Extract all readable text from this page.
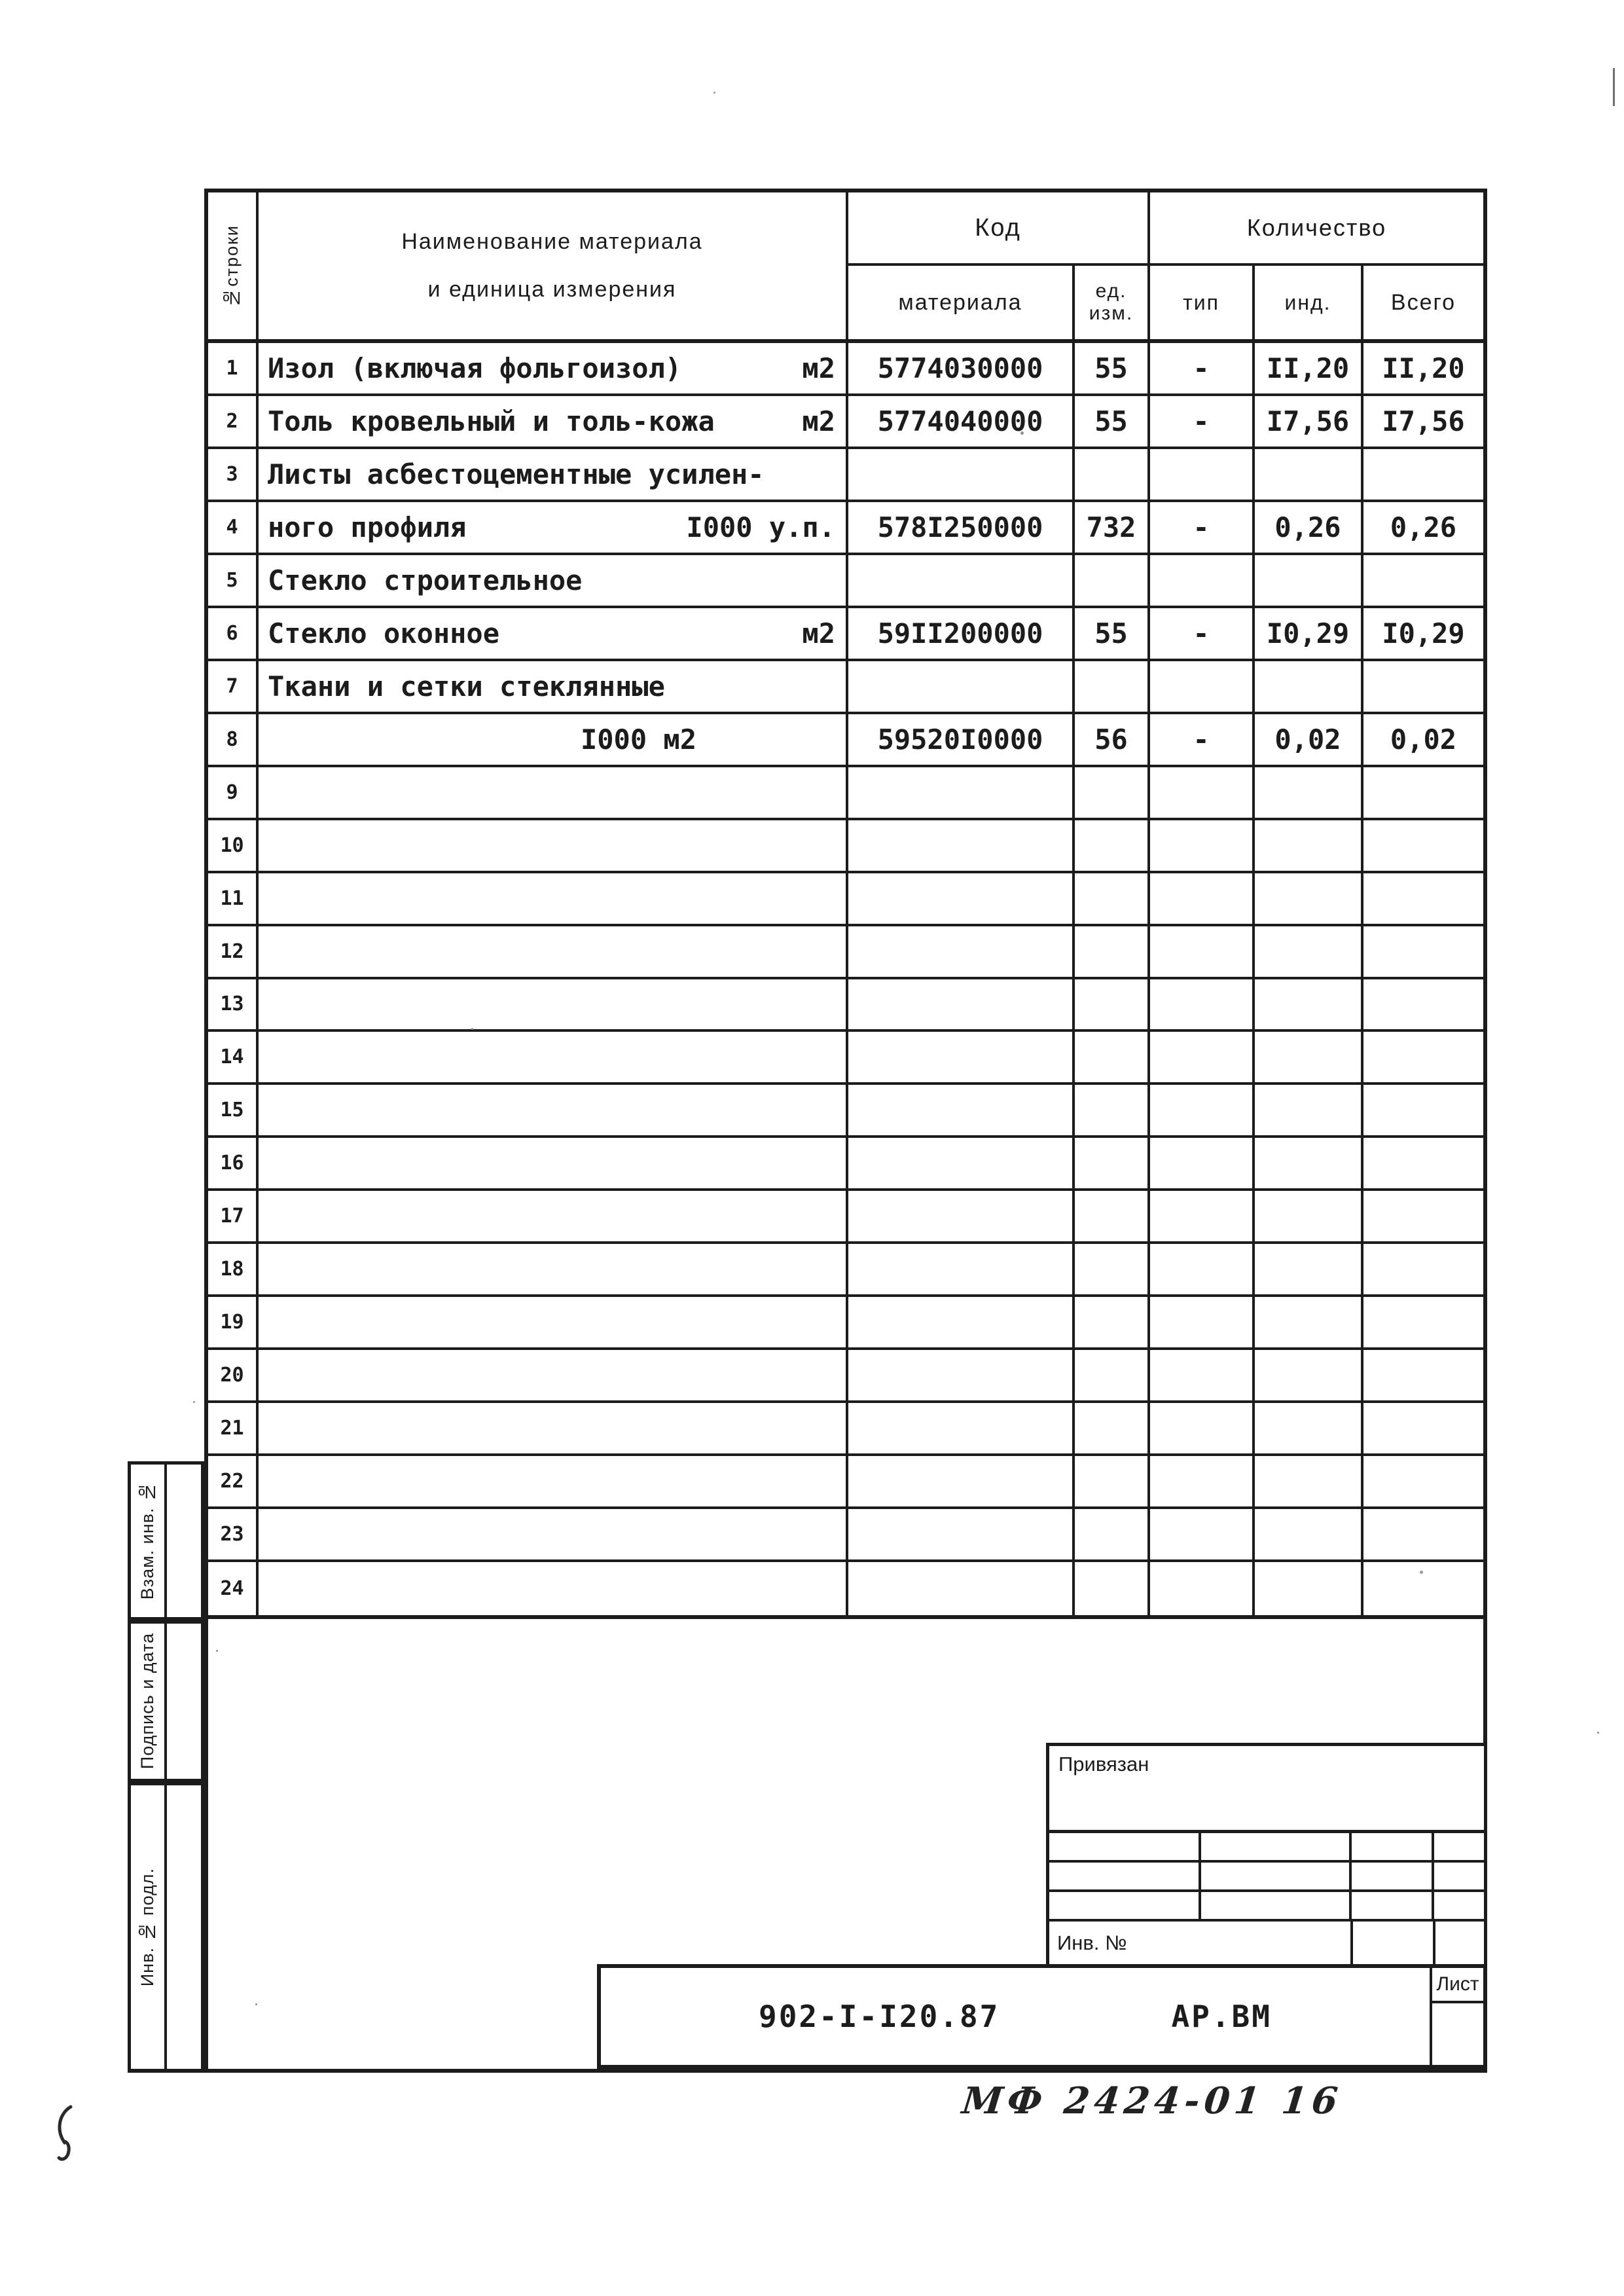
№строки	Наименование материала
и единица измерения
Код
материала	ед.
изм.
Количество
тип	инд.	Всего
1	Изол (включая фольгоизол)	м2	5774030000	55	-	II,20	II,20
2	Толь кровельный и толь-кожа	м2	5774040000	55	-	I7,56	I7,56
3	Листы асбестоцементные усилен-
4	ного профиля	I000 у.п.	578I250000	732	-	0,26	0,26
5	Стекло строительное
6	Стекло оконное	м2	59II200000	55	-	I0,29	I0,29
7	Ткани и сетки стеклянные
8	I000 м2	59520I0000	56	-	0,02	0,02
9
10
11
12
13
14
15
16
17
18
19
20
21
22
23
24
Взам. инв. №
Подпись и дата
Инв. № подл.
Привязан
Инв. №
902-I-I20.87	АР.ВМ
Лист
МФ 2424-01 16
